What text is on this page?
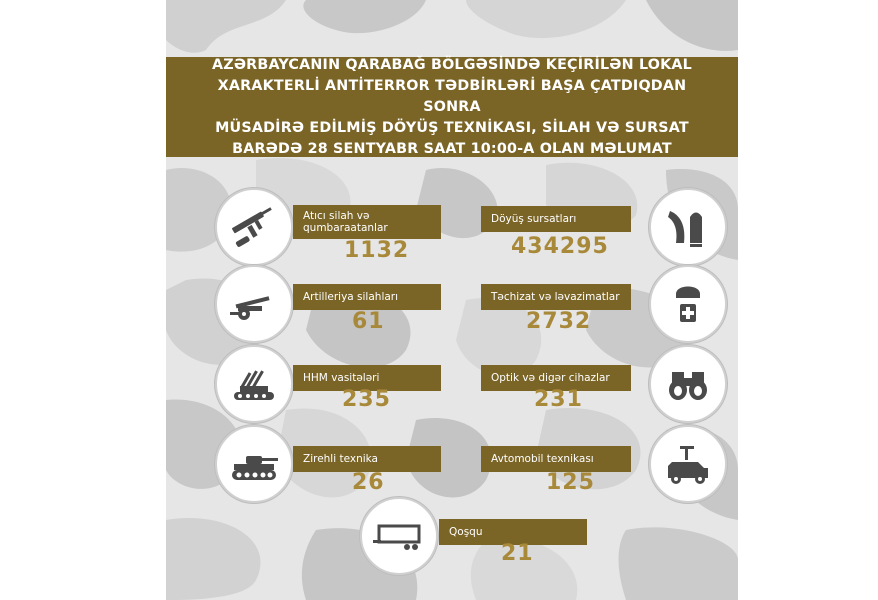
AZƏRBAYCANIN QARABAĞ BÖLGƏSİNDƏ KEÇİRİLƏN LOKAL
XARAKTERLİ ANTİTERROR TƏDBİRLƏRİ BAŞA ÇATDIQDAN SONRA
MÜSADİRƏ EDİLMİŞ DÖYÜŞ TEXNİKASI, SİLAH VƏ SURSAT
BARƏDƏ 28 SENTYABR SAAT 10:00-A OLAN MƏLUMAT
Atıcı silah və
qumbaraatanlar
1132
Döyüş sursatları
434295
Artilleriya silahları
61
Təchizat və ləvazimatlar
2732
HHM vasitələri
235
Optik və digər cihazlar
231
Zirehli texnika
26
Avtomobil texnikası
125
Qoşqu
21
